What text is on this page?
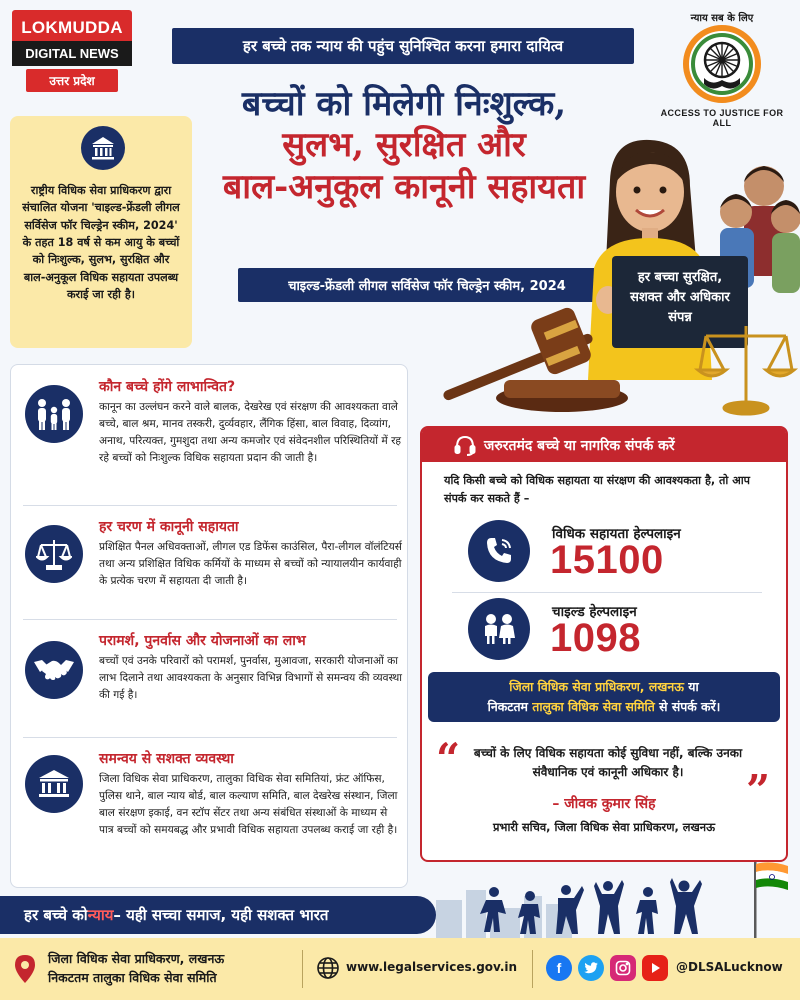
LOKMUDDA
DIGITAL NEWS
उत्तर प्रदेश
हर बच्चे तक न्याय की पहुंच सुनिश्चित करना हमारा दायित्व
न्याय सब के लिए
ACCESS TO JUSTICE FOR ALL
बच्चों को मिलेगी निःशुल्क,
सुलभ, सुरक्षित और
बाल-अनुकूल कानूनी सहायता
चाइल्ड-फ्रेंडली लीगल सर्विसेज फॉर चिल्ड्रेन स्कीम, 2024
राष्ट्रीय विधिक सेवा प्राधिकरण द्वारा संचालित योजना 'चाइल्ड-फ्रेंडली लीगल सर्विसेज फॉर चिल्ड्रेन स्कीम, 2024' के तहत 18 वर्ष से कम आयु के बच्चों को निःशुल्क, सुलभ, सुरक्षित और बाल-अनुकूल विधिक सहायता उपलब्ध कराई जा रही है।
हर बच्चा सुरक्षित, सशक्त और अधिकार संपन्न
कौन बच्चे होंगे लाभान्वित?
कानून का उल्लंघन करने वाले बालक, देखरेख एवं संरक्षण की आवश्यकता वाले बच्चे, बाल श्रम, मानव तस्करी, दुर्व्यवहार, लैंगिक हिंसा, बाल विवाह, दिव्यांग, अनाथ, परित्यक्त, गुमशुदा तथा अन्य कमजोर एवं संवेदनशील परिस्थितियों में रह रहे बच्चों को निःशुल्क विधिक सहायता प्रदान की जाती है।
हर चरण में कानूनी सहायता
प्रशिक्षित पैनल अधिवक्ताओं, लीगल एड डिफेंस काउंसिल, पैरा-लीगल वॉलंटियर्स तथा अन्य प्रशिक्षित विधिक कर्मियों के माध्यम से बच्चों को न्यायालयीन कार्यवाही के प्रत्येक चरण में सहायता दी जाती है।
परामर्श, पुनर्वास और योजनाओं का लाभ
बच्चों एवं उनके परिवारों को परामर्श, पुनर्वास, मुआवजा, सरकारी योजनाओं का लाभ दिलाने तथा आवश्यकता के अनुसार विभिन्न विभागों से समन्वय की व्यवस्था की गई है।
समन्वय से सशक्त व्यवस्था
जिला विधिक सेवा प्राधिकरण, तालुका विधिक सेवा समितियां, फ्रंट ऑफिस, पुलिस थाने, बाल न्याय बोर्ड, बाल कल्याण समिति, बाल देखरेख संस्थान, जिला बाल संरक्षण इकाई, वन स्टॉप सेंटर तथा अन्य संबंधित संस्थाओं के माध्यम से पात्र बच्चों को समयबद्ध और प्रभावी विधिक सहायता उपलब्ध कराई जा रही है।
जरुरतमंद बच्चे या नागरिक संपर्क करें
यदि किसी बच्चे को विधिक सहायता या संरक्षण की आवश्यकता है, तो आप संपर्क कर सकते हैं –
विधिक सहायता हेल्पलाइन
15100
चाइल्ड हेल्पलाइन
1098
जिला विधिक सेवा प्राधिकरण, लखनऊ या
निकटतम तालुका विधिक सेवा समिति से संपर्क करें।
“	बच्चों के लिए विधिक सहायता कोई सुविधा नहीं, बल्कि उनका संवैधानिक एवं कानूनी अधिकार है।	”
– जीवक कुमार सिंह
प्रभारी सचिव, जिला विधिक सेवा प्राधिकरण, लखनऊ
हर बच्चे को न्याय – यही सच्चा समाज, यही सशक्त भारत
जिला विधिक सेवा प्राधिकरण, लखनऊ
निकटतम तालुका विधिक सेवा समिति
www.legalservices.gov.in	f	@DLSALucknow
